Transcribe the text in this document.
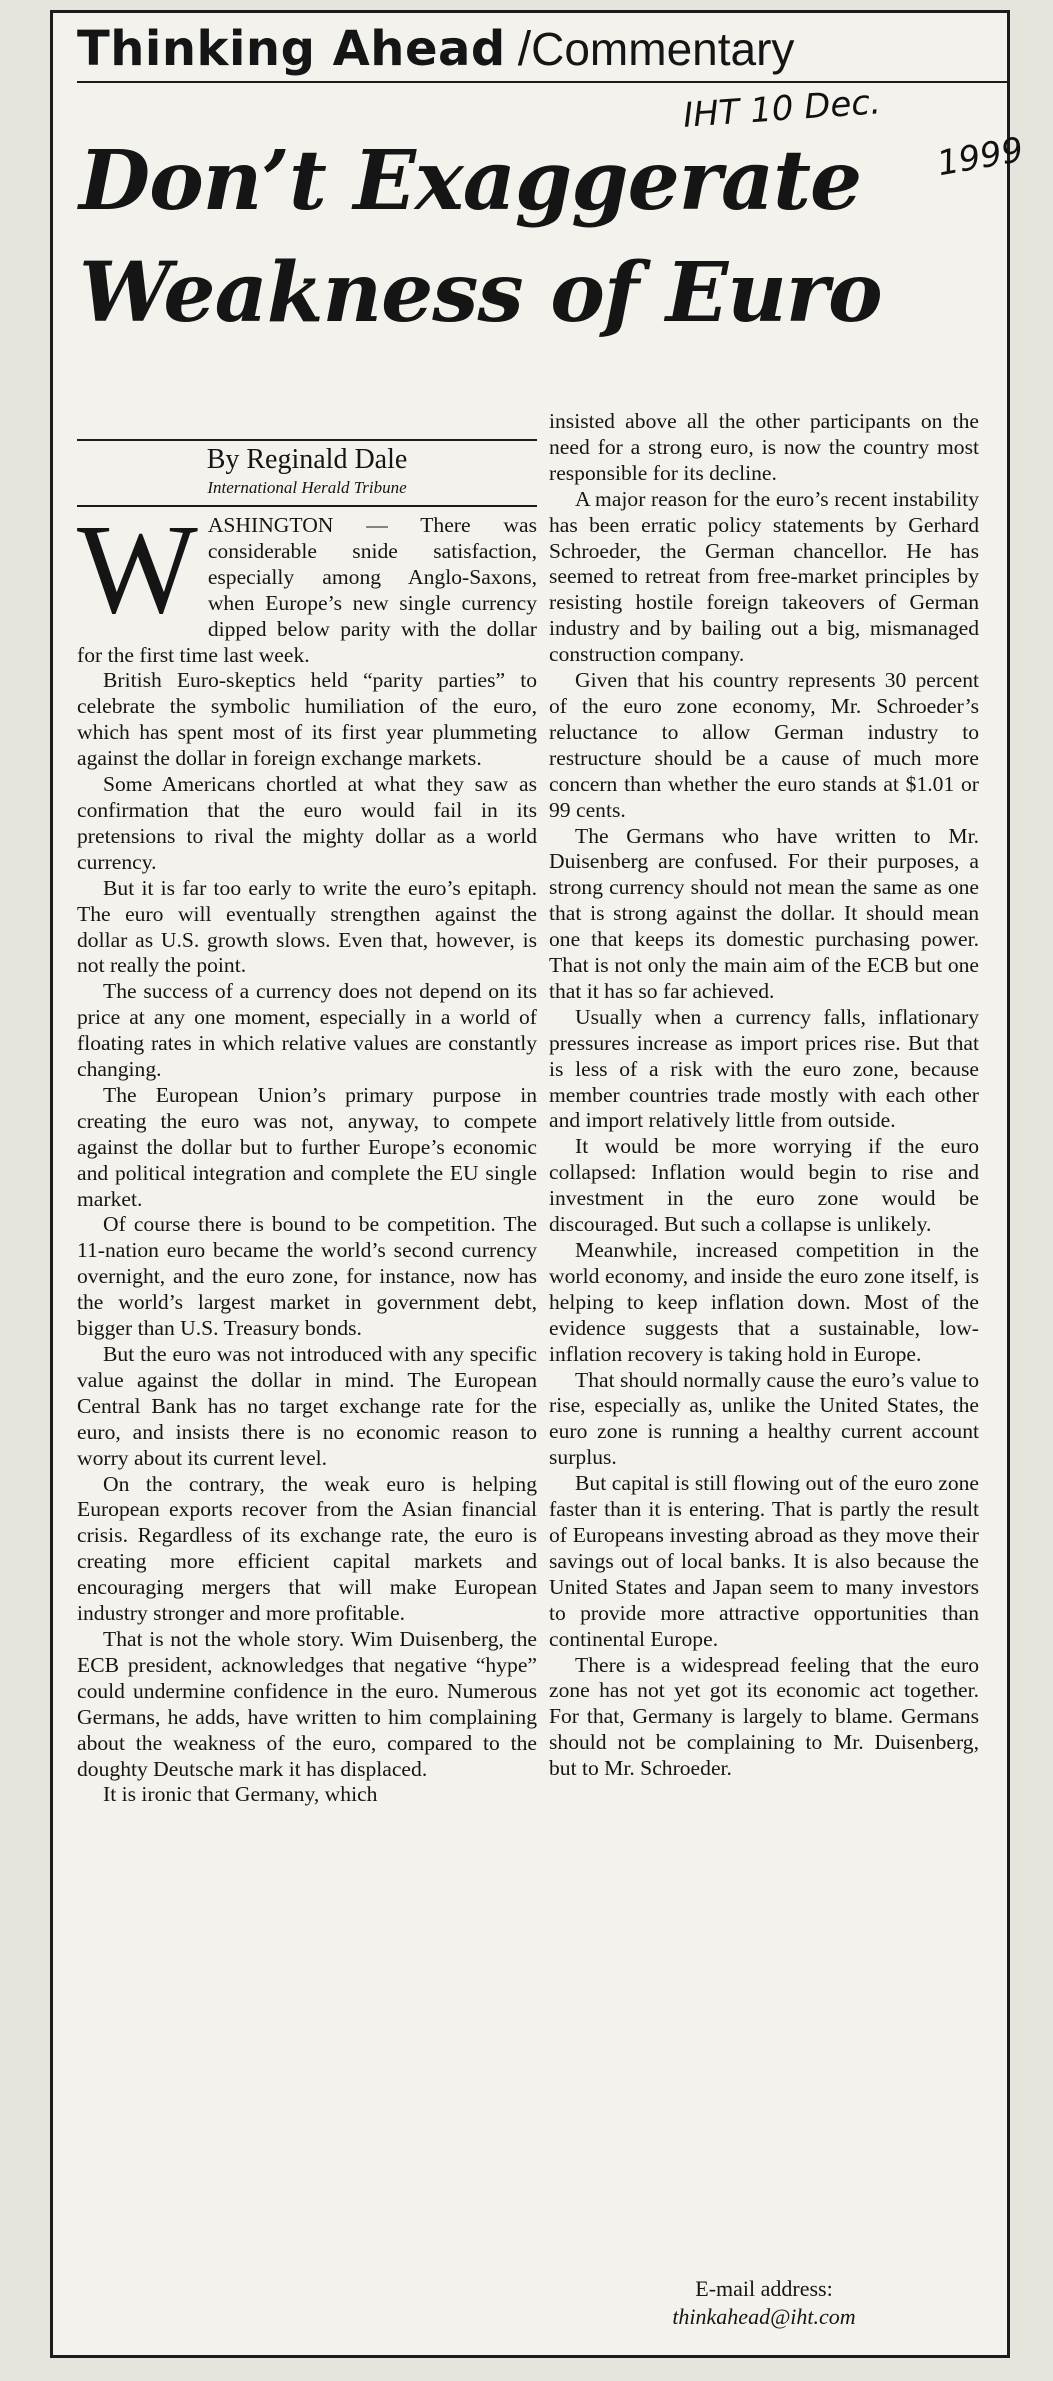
Thinking Ahead /Commentary
Don’t Exaggerate
Weakness of Euro
IHT 10 Dec.
1999
By Reginald Dale
International Herald Tribune

WASHINGTON — There was considerable snide satisfaction, especially among Anglo-Saxons, when Europe’s new single currency dipped below parity with the dollar for the first time last week.

British Euro-skeptics held “parity parties” to celebrate the symbolic humiliation of the euro, which has spent most of its first year plummeting against the dollar in foreign exchange markets.

Some Americans chortled at what they saw as confirmation that the euro would fail in its pretensions to rival the mighty dollar as a world currency.

But it is far too early to write the euro’s epitaph. The euro will eventually strengthen against the dollar as U.S. growth slows. Even that, however, is not really the point.

The success of a currency does not depend on its price at any one moment, especially in a world of floating rates in which relative values are constantly changing.

The European Union’s primary purpose in creating the euro was not, anyway, to compete against the dollar but to further Europe’s economic and political integration and complete the EU single market.

Of course there is bound to be competition. The 11-nation euro became the world’s second currency overnight, and the euro zone, for instance, now has the world’s largest market in government debt, bigger than U.S. Treasury bonds.

But the euro was not introduced with any specific value against the dollar in mind. The European Central Bank has no target exchange rate for the euro, and insists there is no economic reason to worry about its current level.

On the contrary, the weak euro is helping European exports recover from the Asian financial crisis. Regardless of its exchange rate, the euro is creating more efficient capital markets and encouraging mergers that will make European industry stronger and more profitable.

That is not the whole story. Wim Duisenberg, the ECB president, acknowledges that negative “hype” could undermine confidence in the euro. Numerous Germans, he adds, have written to him complaining about the weakness of the euro, compared to the doughty Deutsche mark it has displaced.

It is ironic that Germany, which

insisted above all the other participants on the need for a strong euro, is now the country most responsible for its decline.

A major reason for the euro’s recent instability has been erratic policy statements by Gerhard Schroeder, the German chancellor. He has seemed to retreat from free-market principles by resisting hostile foreign takeovers of German industry and by bailing out a big, mismanaged construction company.

Given that his country represents 30 percent of the euro zone economy, Mr. Schroeder’s reluctance to allow German industry to restructure should be a cause of much more concern than whether the euro stands at $1.01 or 99 cents.

The Germans who have written to Mr. Duisenberg are confused. For their purposes, a strong currency should not mean the same as one that is strong against the dollar. It should mean one that keeps its domestic purchasing power. That is not only the main aim of the ECB but one that it has so far achieved.

Usually when a currency falls, inflationary pressures increase as import prices rise. But that is less of a risk with the euro zone, because member countries trade mostly with each other and import relatively little from outside.

It would be more worrying if the euro collapsed: Inflation would begin to rise and investment in the euro zone would be discouraged. But such a collapse is unlikely.

Meanwhile, increased competition in the world economy, and inside the euro zone itself, is helping to keep inflation down. Most of the evidence suggests that a sustainable, low-inflation recovery is taking hold in Europe.

That should normally cause the euro’s value to rise, especially as, unlike the United States, the euro zone is running a healthy current account surplus.

But capital is still flowing out of the euro zone faster than it is entering. That is partly the result of Europeans investing abroad as they move their savings out of local banks. It is also because the United States and Japan seem to many investors to provide more attractive opportunities than continental Europe.

There is a widespread feeling that the euro zone has not yet got its economic act together. For that, Germany is largely to blame. Germans should not be complaining to Mr. Duisenberg, but to Mr. Schroeder.

E-mail address:
thinkahead@iht.com
